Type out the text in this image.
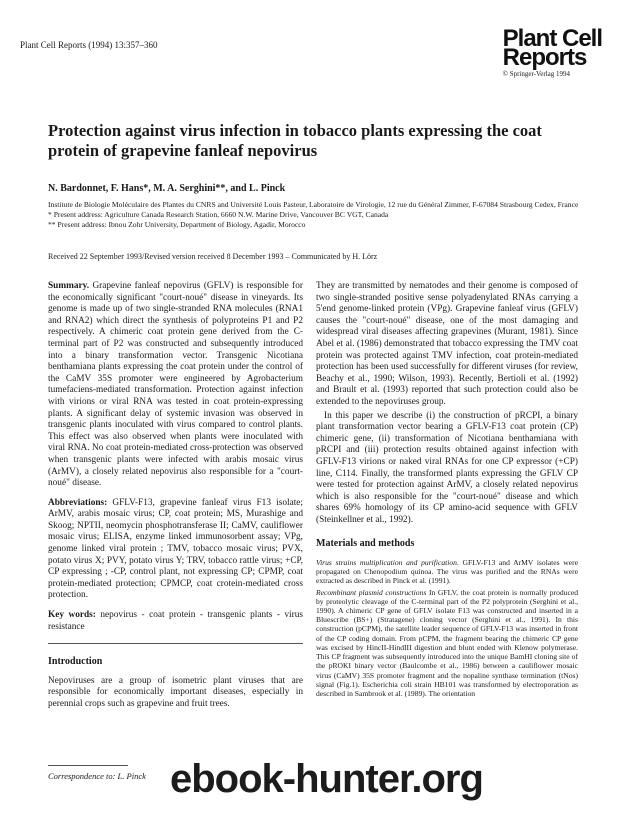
Plant Cell Reports (1994) 13:357–360	Plant Cell
Reports
© Springer-Verlag 1994
Protection against virus infection in tobacco plants expressing the coat protein of grapevine fanleaf nepovirus
N. Bardonnet, F. Hans*, M. A. Serghini**, and L. Pinck
Institute de Biologie Moléculaire des Plantes du CNRS and Université Louis Pasteur, Laboratoire de Virologie, 12 rue du Général Zimmer, F-67084 Strasbourg Cedex, France
* Present address: Agriculture Canada Research Station, 6660 N.W. Marine Drive, Vancouver BC VGT, Canada
** Present address: Ibnou Zohr University, Department of Biology, Agadir, Morocco
Received 22 September 1993/Revised version received 8 December 1993 – Communicated by H. Lörz

Summary. Grapevine fanleaf nepovirus (GFLV) is responsible for the economically significant "court-noué" disease in vineyards. Its genome is made up of two single-stranded RNA molecules (RNA1 and RNA2) which direct the synthesis of polyproteins P1 and P2 respectively. A chimeric coat protein gene derived from the C-terminal part of P2 was constructed and subsequently introduced into a binary transformation vector. Transgenic Nicotiana benthamiana plants expressing the coat protein under the control of the CaMV 35S promoter were engineered by Agrobacterium tumefaciens-mediated transformation. Protection against infection with virions or viral RNA was tested in coat protein-expressing plants. A significant delay of systemic invasion was observed in transgenic plants inoculated with virus compared to control plants. This effect was also observed when plants were inoculated with viral RNA. No coat protein-mediated cross-protection was observed when transgenic plants were infected with arabis mosaic virus (ArMV), a closely related nepovirus also responsible for a "court-noué" disease.

Abbreviations: GFLV-F13, grapevine fanleaf virus F13 isolate; ArMV, arabis mosaic virus; CP, coat protein; MS, Murashige and Skoog; NPTII, neomycin phosphotransferase II; CaMV, cauliflower mosaic virus; ELISA, enzyme linked immunosorbent assay; VPg, genome linked viral protein ; TMV, tobacco mosaic virus; PVX, potato virus X; PVY, potato virus Y; TRV, tobacco rattle virus; +CP, CP expressing ; -CP, control plant, not expressing CP; CPMP, coat protein-mediated protection; CPMCP, coat crotein-mediated cross protection.

Key words: nepovirus - coat protein - transgenic plants - virus resistance

Introduction

Nepoviruses are a group of isometric plant viruses that are responsible for economically important diseases, especially in perennial crops such as grapevine and fruit trees.

They are transmitted by nematodes and their genome is composed of two single-stranded positive sense polyadenylated RNAs carrying a 5'end genome-linked protein (VPg). Grapevine fanleaf virus (GFLV) causes the "court-noué" disease, one of the most damaging and widespread viral diseases affecting grapevines (Murant, 1981). Since Abel et al. (1986) demonstrated that tobacco expressing the TMV coat protein was protected against TMV infection, coat protein-mediated protection has been used successfully for different viruses (for review, Beachy et al., 1990; Wilson, 1993). Recently, Bertioli et al. (1992) and Brault et al. (1993) reported that such protection could also be extended to the nepoviruses group.

In this paper we describe (i) the construction of pRCPI, a binary plant transformation vector bearing a GFLV-F13 coat protein (CP) chimeric gene, (ii) transformation of Nicotiana benthamiana with pRCPI and (iii) protection results obtained against infection with GFLV-F13 virions or naked viral RNAs for one CP expressor (+CP) line, C114. Finally, the transformed plants expressing the GFLV CP were tested for protection against ArMV, a closely related nepovirus which is also responsible for the "court-noué" disease and which shares 69% homology of its CP amino-acid sequence with GFLV (Steinkellner et al., 1992).

Materials and methods

Virus strains multiplication and purification. GFLV-F13 and ArMV isolates were propagated on Chenopodium quinoa. The virus was purified and the RNAs were extracted as described in Pinck et al. (1991).

Recombinant plasmid constructions In GFLV, the coat protein is normally produced by proteolytic cleavage of the C-terminal part of the P2 polyprotein (Serghini et al., 1990). A chimeric CP gene of GFLV isolate F13 was constructed and inserted in a Bluescribe (BS+) (Stratagene) cloning vector (Serghini et al., 1991). In this construction (pCPM), the satellite leader sequence of GFLV-F13 was inserted in front of the CP coding domain. From pCPM, the fragment bearing the chimeric CP gene was excised by HincII-HindIII digestion and blunt ended with Klenow polymerase. This CP fragment was subsequently introduced into the unique BamHI cloning site of the pROKI binary vector (Baulcombe et al., 1986) between a cauliflower mosaic virus (CaMV) 35S promoter fragment and the nopaline synthase termination (tNos) signal (Fig.1). Escherichia coli strain HB101 was transformed by electroporation as described in Sambrook et al. (1989). The orientation

Correspondence to: L. Pinck ebook-hunter.org
